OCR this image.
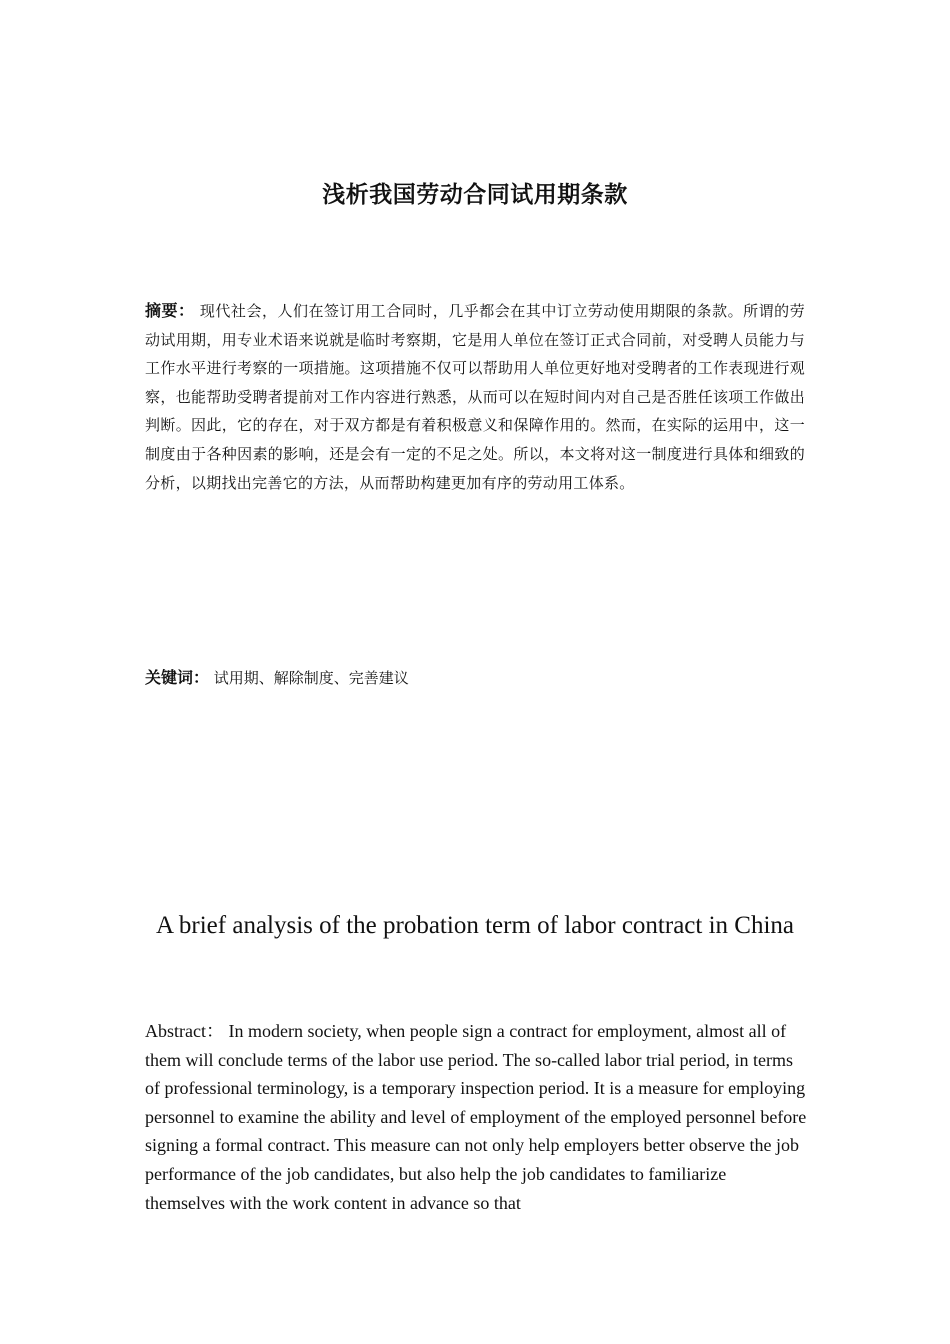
浅析我国劳动合同试用期条款

摘要： 现代社会，人们在签订用工合同时，几乎都会在其中订立劳动使用期限的条款。所谓的劳动试用期，用专业术语来说就是临时考察期，它是用人单位在签订正式合同前，对受聘人员能力与工作水平进行考察的一项措施。这项措施不仅可以帮助用人单位更好地对受聘者的工作表现进行观察，也能帮助受聘者提前对工作内容进行熟悉，从而可以在短时间内对自己是否胜任该项工作做出判断。因此，它的存在，对于双方都是有着积极意义和保障作用的。然而，在实际的运用中，这一制度由于各种因素的影响，还是会有一定的不足之处。所以，本文将对这一制度进行具体和细致的分析，以期找出完善它的方法，从而帮助构建更加有序的劳动用工体系。

关键词： 试用期、解除制度、完善建议
A brief analysis of the probation term of labor contract in China

Abstract： In modern society, when people sign a contract for employment, almost all of them will conclude terms of the labor use period. The so-called labor trial period, in terms of professional terminology, is a temporary inspection period. It is a measure for employing personnel to examine the ability and level of employment of the employed personnel before signing a formal contract. This measure can not only help employers better observe the job performance of the job candidates, but also help the job candidates to familiarize themselves with the work content in advance so that
